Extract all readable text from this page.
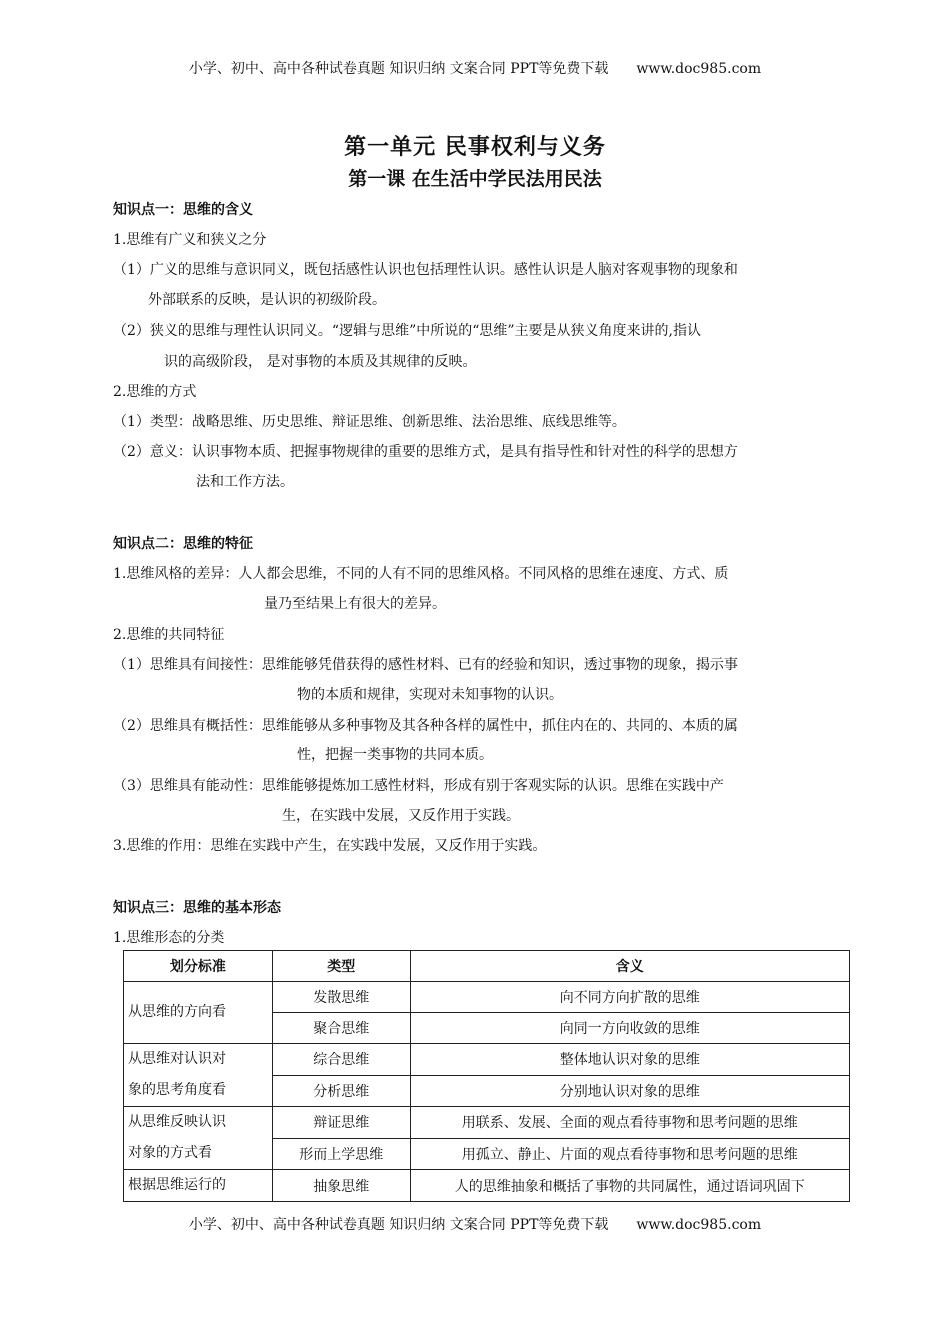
小学、初中、高中各种试卷真题 知识归纳 文案合同 PPT等免费下载 www.doc985.com
第一单元 民事权利与义务
第一课 在生活中学民法用民法
知识点一：思维的含义
1.思维有广义和狭义之分
（1）广义的思维与意识同义，既包括感性认识也包括理性认识。感性认识是人脑对客观事物的现象和
外部联系的反映，是认识的初级阶段。
（2）狭义的思维与理性认识同义。“逻辑与思维”中所说的“思维”主要是从狭义角度来讲的,指认
识的高级阶段， 是对事物的本质及其规律的反映。
2.思维的方式
（1）类型：战略思维、历史思维、辩证思维、创新思维、法治思维、底线思维等。
（2）意义：认识事物本质、把握事物规律的重要的思维方式，是具有指导性和针对性的科学的思想方
法和工作方法。
知识点二：思维的特征
1.思维风格的差异：人人都会思维，不同的人有不同的思维风格。不同风格的思维在速度、方式、质
量乃至结果上有很大的差异。
2.思维的共同特征
（1）思维具有间接性：思维能够凭借获得的感性材料、已有的经验和知识，透过事物的现象，揭示事
物的本质和规律，实现对未知事物的认识。
（2）思维具有概括性：思维能够从多种事物及其各种各样的属性中，抓住内在的、共同的、本质的属
性，把握一类事物的共同本质。
（3）思维具有能动性：思维能够提炼加工感性材料，形成有别于客观实际的认识。思维在实践中产
生，在实践中发展，又反作用于实践。
3.思维的作用：思维在实践中产生，在实践中发展，又反作用于实践。
知识点三：思维的基本形态
1.思维形态的分类
划分标准	类型	含义
从思维的方向看	发散思维	向不同方向扩散的思维
	聚合思维	向同一方向收敛的思维
从思维对认识对
象的思考角度看	综合思维	整体地认识对象的思维
	分析思维	分别地认识对象的思维
从思维反映认识
对象的方式看	辩证思维	用联系、发展、全面的观点看待事物和思考问题的思维
	形而上学思维	用孤立、静止、片面的观点看待事物和思考问题的思维
根据思维运行的	抽象思维	人的思维抽象和概括了事物的共同属性，通过语词巩固下
小学、初中、高中各种试卷真题 知识归纳 文案合同 PPT等免费下载 www.doc985.com
